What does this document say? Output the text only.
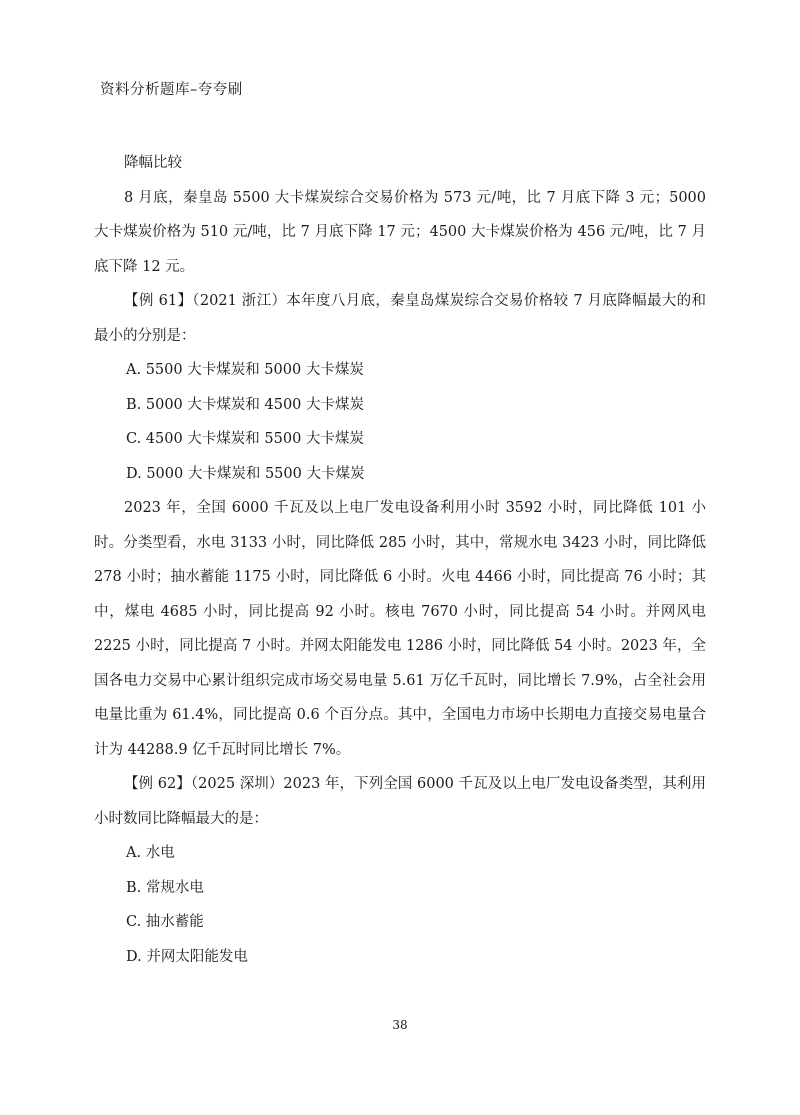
资料分析题库–夸夸刷

降幅比较

8 月底，秦皇岛 5500 大卡煤炭综合交易价格为 573 元/吨，比 7 月底下降 3 元；5000 大卡煤炭价格为 510 元/吨，比 7 月底下降 17 元；4500 大卡煤炭价格为 456 元/吨，比 7 月底下降 12 元。

【例 61】（2021 浙江）本年度八月底，秦皇岛煤炭综合交易价格较 7 月底降幅最大的和最小的分别是：

A. 5500 大卡煤炭和 5000 大卡煤炭

B. 5000 大卡煤炭和 4500 大卡煤炭

C. 4500 大卡煤炭和 5500 大卡煤炭

D. 5000 大卡煤炭和 5500 大卡煤炭

2023 年，全国 6000 千瓦及以上电厂发电设备利用小时 3592 小时，同比降低 101 小时。分类型看，水电 3133 小时，同比降低 285 小时，其中，常规水电 3423 小时，同比降低 278 小时；抽水蓄能 1175 小时，同比降低 6 小时。火电 4466 小时，同比提高 76 小时；其中，煤电 4685 小时，同比提高 92 小时。核电 7670 小时，同比提高 54 小时。并网风电 2225 小时，同比提高 7 小时。并网太阳能发电 1286 小时，同比降低 54 小时。2023 年，全国各电力交易中心累计组织完成市场交易电量 5.61 万亿千瓦时，同比增长 7.9%，占全社会用电量比重为 61.4%，同比提高 0.6 个百分点。其中，全国电力市场中长期电力直接交易电量合计为 44288.9 亿千瓦时同比增长 7%。

【例 62】（2025 深圳）2023 年，下列全国 6000 千瓦及以上电厂发电设备类型，其利用小时数同比降幅最大的是：

A. 水电

B. 常规水电

C. 抽水蓄能

D. 并网太阳能发电

38
